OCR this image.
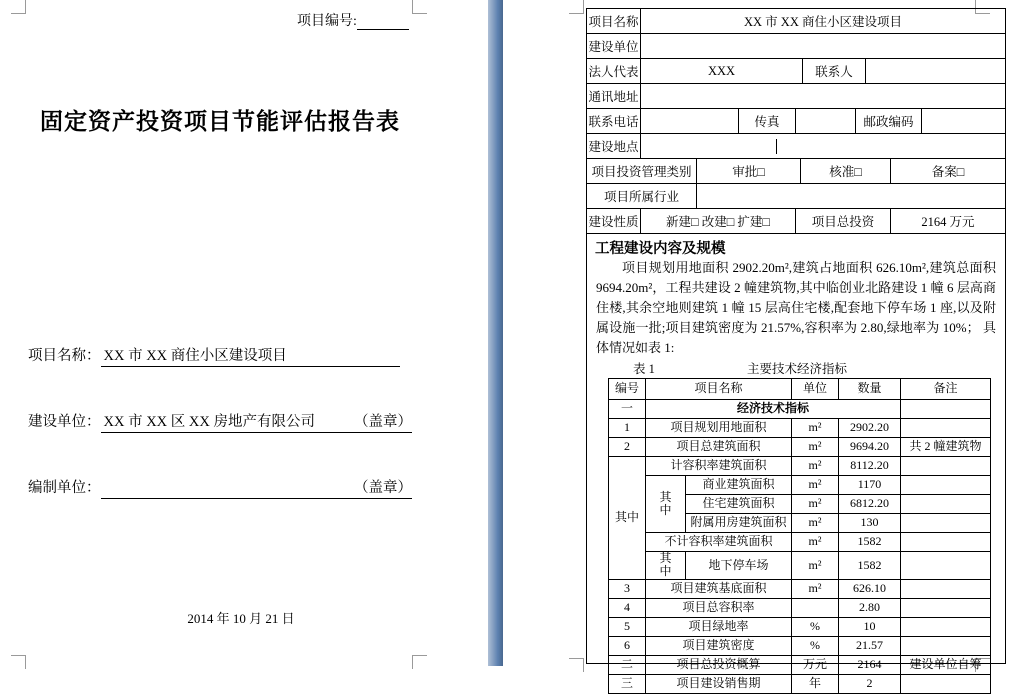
项目编号:
固定资产投资项目节能评估报告表
项目名称： XX 市 XX 商住小区建设项目
建设单位： XX 市 XX 区 XX 房地产有限公司	（盖章）
编制单位：	（盖章）
2014 年 10 月 21 日
项目名称	XX 市 XX 商住小区建设项目
建设单位
法人代表	XXX	联系人
通讯地址
联系电话	传真	邮政编码
建设地点
项目投资管理类别	审批□	核准□	备案□
项目所属行业
建设性质	新建□ 改建□ 扩建□	项目总投资	2164 万元
工程建设内容及规模
项目规划用地面积 2902.20m²,建筑占地面积 626.10m²,建筑总面积 9694.20m²，工程共建设 2 幢建筑物,其中临创业北路建设 1 幢 6 层高商住楼,其余空地则建筑 1 幢 15 层高住宅楼,配套地下停车场 1 座,以及附属设施一批;项目建筑密度为 21.57%,容积率为 2.80,绿地率为 10%； 具体情况如表 1:
表 1	主要技术经济指标
编号	项目名称		单位	数量	备注
一	经济技术指标				
1	项目规划用地面积		m²	2902.20	
2	项目总建筑面积		m²	9694.20	共 2 幢建筑物
其中	计容积率建筑面积		m²	8112.20	
	其中	商业建筑面积	m²	1170	
		住宅建筑面积	m²	6812.20	
		附属用房建筑面积	m²	130	
	不计容积率建筑面积		m²	1582	
	其中	地下停车场	m²	1582	
3	项目建筑基底面积		m²	626.10	
4	项目总容积率			2.80	
5	项目绿地率		%	10	
6	项目建筑密度		%	21.57	
二	项目总投资概算		万元	2164	建设单位自筹
三	项目建设销售期		年	2	
